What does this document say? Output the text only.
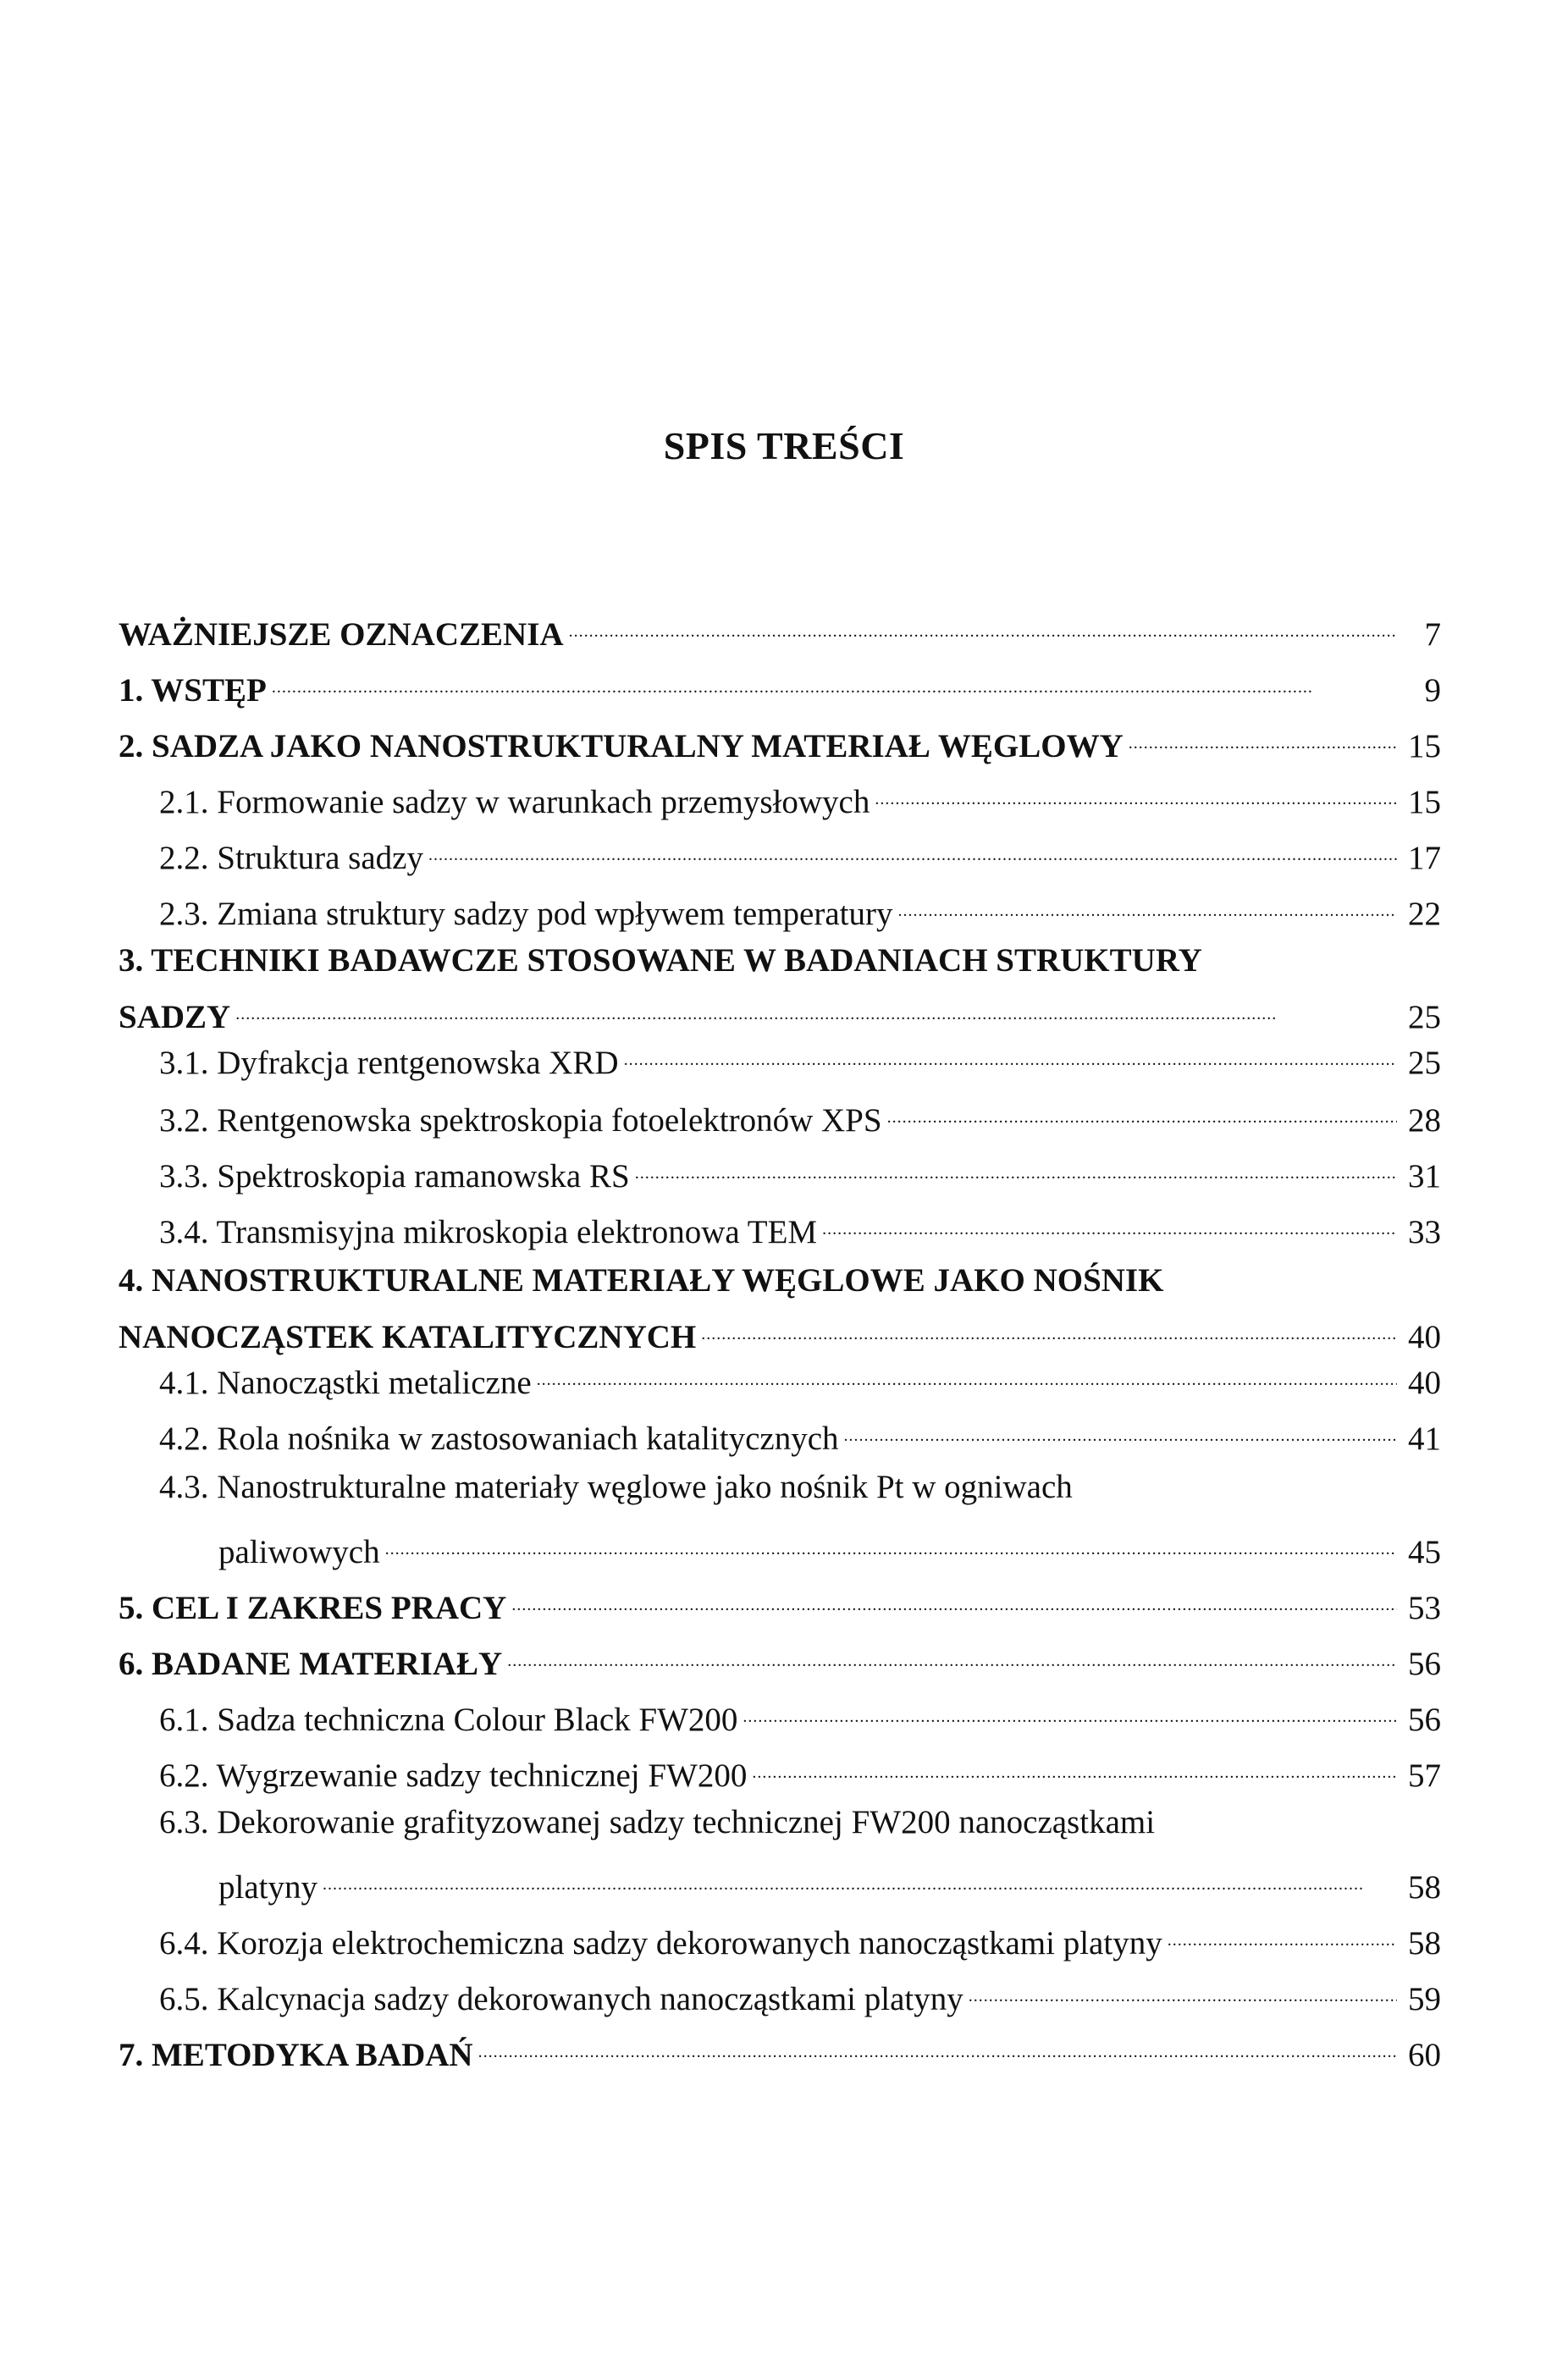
SPIS TREŚCI
WAŻNIEJSZE OZNACZENIA . . .	7
1. WSTĘP . . .	9
2. SADZA JAKO NANOSTRUKTURALNY MATERIAŁ WĘGLOWY . . .	15
2.1. Formowanie sadzy w warunkach przemysłowych . . .	15
2.2. Struktura sadzy . . .	17
2.3. Zmiana struktury sadzy pod wpływem temperatury . . .	22
3. TECHNIKI BADAWCZE STOSOWANE W BADANIACH STRUKTURY
SADZY . . .	25
3.1. Dyfrakcja rentgenowska XRD . . .	25
3.2. Rentgenowska spektroskopia fotoelektronów XPS . . .	28
3.3. Spektroskopia ramanowska RS . . .	31
3.4. Transmisyjna mikroskopia elektronowa TEM . . .	33
4. NANOSTRUKTURALNE MATERIAŁY WĘGLOWE JAKO NOŚNIK
NANOCZĄSTEK KATALITYCZNYCH . . .	40
4.1. Nanocząstki metaliczne . . .	40
4.2. Rola nośnika w zastosowaniach katalitycznych . . .	41
4.3. Nanostrukturalne materiały węglowe jako nośnik Pt w ogniwach
paliwowych . . .	45
5. CEL I ZAKRES PRACY . . .	53
6. BADANE MATERIAŁY . . .	56
6.1. Sadza techniczna Colour Black FW200 . . .	56
6.2. Wygrzewanie sadzy technicznej FW200 . . .	57
6.3. Dekorowanie grafityzowanej sadzy technicznej FW200 nanocząstkami
platyny . . .	58
6.4. Korozja elektrochemiczna sadzy dekorowanych nanocząstkami platyny . . .	58
6.5. Kalcynacja sadzy dekorowanych nanocząstkami platyny . . .	59
7. METODYKA BADAŃ . . .	60
